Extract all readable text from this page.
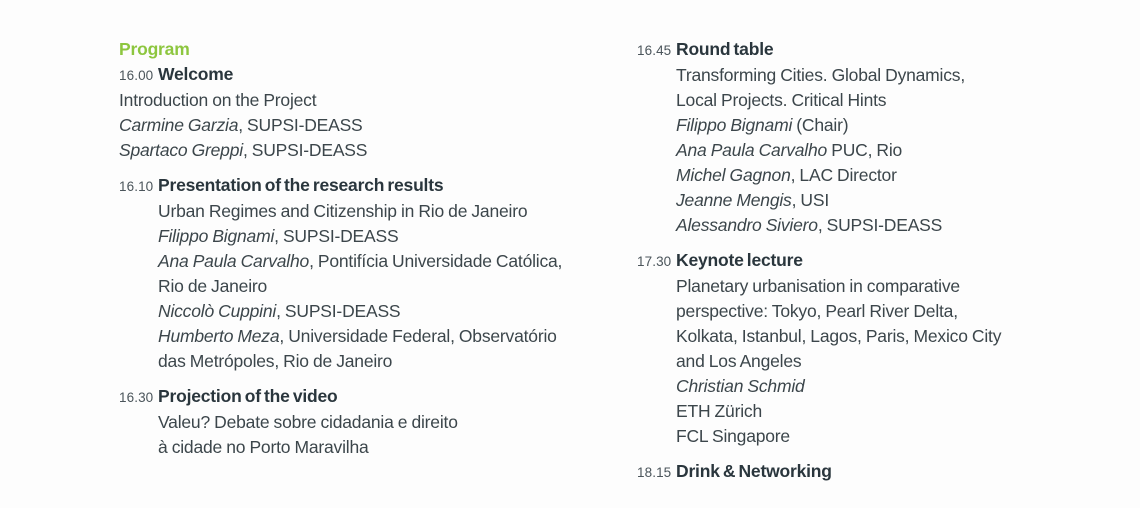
Program
16.00 Welcome
Introduction on the Project
Carmine Garzia, SUPSI-DEASS
Spartaco Greppi, SUPSI-DEASS
16.10 Presentation of the research results
Urban Regimes and Citizenship in Rio de Janeiro
Filippo Bignami, SUPSI-DEASS
Ana Paula Carvalho, Pontifícia Universidade Católica,
Rio de Janeiro
Niccolò Cuppini, SUPSI-DEASS
Humberto Meza, Universidade Federal, Observatório
das Metrópoles, Rio de Janeiro
16.30 Projection of the video
Valeu? Debate sobre cidadania e direito
à cidade no Porto Maravilha
16.45 Round table
Transforming Cities. Global Dynamics,
Local Projects. Critical Hints
Filippo Bignami (Chair)
Ana Paula Carvalho PUC, Rio
Michel Gagnon, LAC Director
Jeanne Mengis, USI
Alessandro Siviero, SUPSI-DEASS
17.30 Keynote lecture
Planetary urbanisation in comparative
perspective: Tokyo, Pearl River Delta,
Kolkata, Istanbul, Lagos, Paris, Mexico City
and Los Angeles
Christian Schmid
ETH Zürich
FCL Singapore
18.15 Drink & Networking
